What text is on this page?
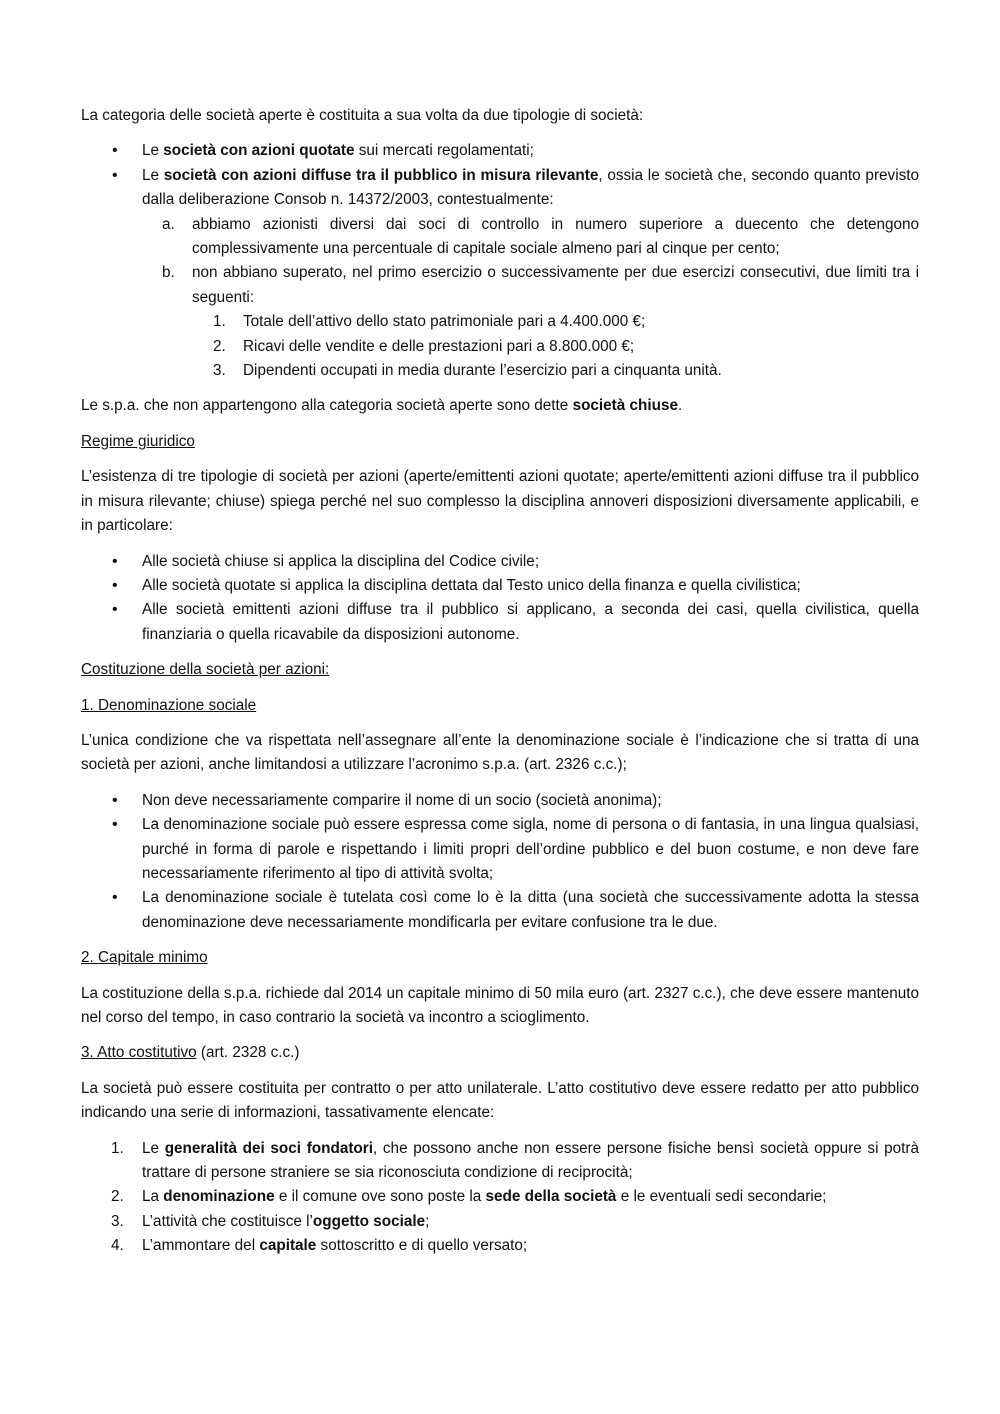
La categoria delle società aperte è costituita a sua volta da due tipologie di società:

• Le società con azioni quotate sui mercati regolamentati;
• Le società con azioni diffuse tra il pubblico in misura rilevante, ossia le società che, secondo quanto previsto dalla deliberazione Consob n. 14372/2003, contestualmente:
a. abbiamo azionisti diversi dai soci di controllo in numero superiore a duecento che detengono complessivamente una percentuale di capitale sociale almeno pari al cinque per cento;
b. non abbiano superato, nel primo esercizio o successivamente per due esercizi consecutivi, due limiti tra i seguenti:
1. Totale dell’attivo dello stato patrimoniale pari a 4.400.000 €;
2. Ricavi delle vendite e delle prestazioni pari a 8.800.000 €;
3. Dipendenti occupati in media durante l’esercizio pari a cinquanta unità.

Le s.p.a. che non appartengono alla categoria società aperte sono dette società chiuse.

Regime giuridico

L’esistenza di tre tipologie di società per azioni (aperte/emittenti azioni quotate; aperte/emittenti azioni diffuse tra il pubblico in misura rilevante; chiuse) spiega perché nel suo complesso la disciplina annoveri disposizioni diversamente applicabili, e in particolare:

• Alle società chiuse si applica la disciplina del Codice civile;
• Alle società quotate si applica la disciplina dettata dal Testo unico della finanza e quella civilistica;
• Alle società emittenti azioni diffuse tra il pubblico si applicano, a seconda dei casi, quella civilistica, quella finanziaria o quella ricavabile da disposizioni autonome.

Costituzione della società per azioni:

1. Denominazione sociale

L’unica condizione che va rispettata nell’assegnare all’ente la denominazione sociale è l’indicazione che si tratta di una società per azioni, anche limitandosi a utilizzare l’acronimo s.p.a. (art. 2326 c.c.);

• Non deve necessariamente comparire il nome di un socio (società anonima);
• La denominazione sociale può essere espressa come sigla, nome di persona o di fantasia, in una lingua qualsiasi, purché in forma di parole e rispettando i limiti propri dell’ordine pubblico e del buon costume, e non deve fare necessariamente riferimento al tipo di attività svolta;
• La denominazione sociale è tutelata così come lo è la ditta (una società che successivamente adotta la stessa denominazione deve necessariamente mondificarla per evitare confusione tra le due.

2. Capitale minimo

La costituzione della s.p.a. richiede dal 2014 un capitale minimo di 50 mila euro (art. 2327 c.c.), che deve essere mantenuto nel corso del tempo, in caso contrario la società va incontro a scioglimento.

3. Atto costitutivo (art. 2328 c.c.)

La società può essere costituita per contratto o per atto unilaterale. L’atto costitutivo deve essere redatto per atto pubblico indicando una serie di informazioni, tassativamente elencate:

1. Le generalità dei soci fondatori, che possono anche non essere persone fisiche bensì società oppure si potrà trattare di persone straniere se sia riconosciuta condizione di reciprocità;
2. La denominazione e il comune ove sono poste la sede della società e le eventuali sedi secondarie;
3. L’attività che costituisce l’oggetto sociale;
4. L’ammontare del capitale sottoscritto e di quello versato;
